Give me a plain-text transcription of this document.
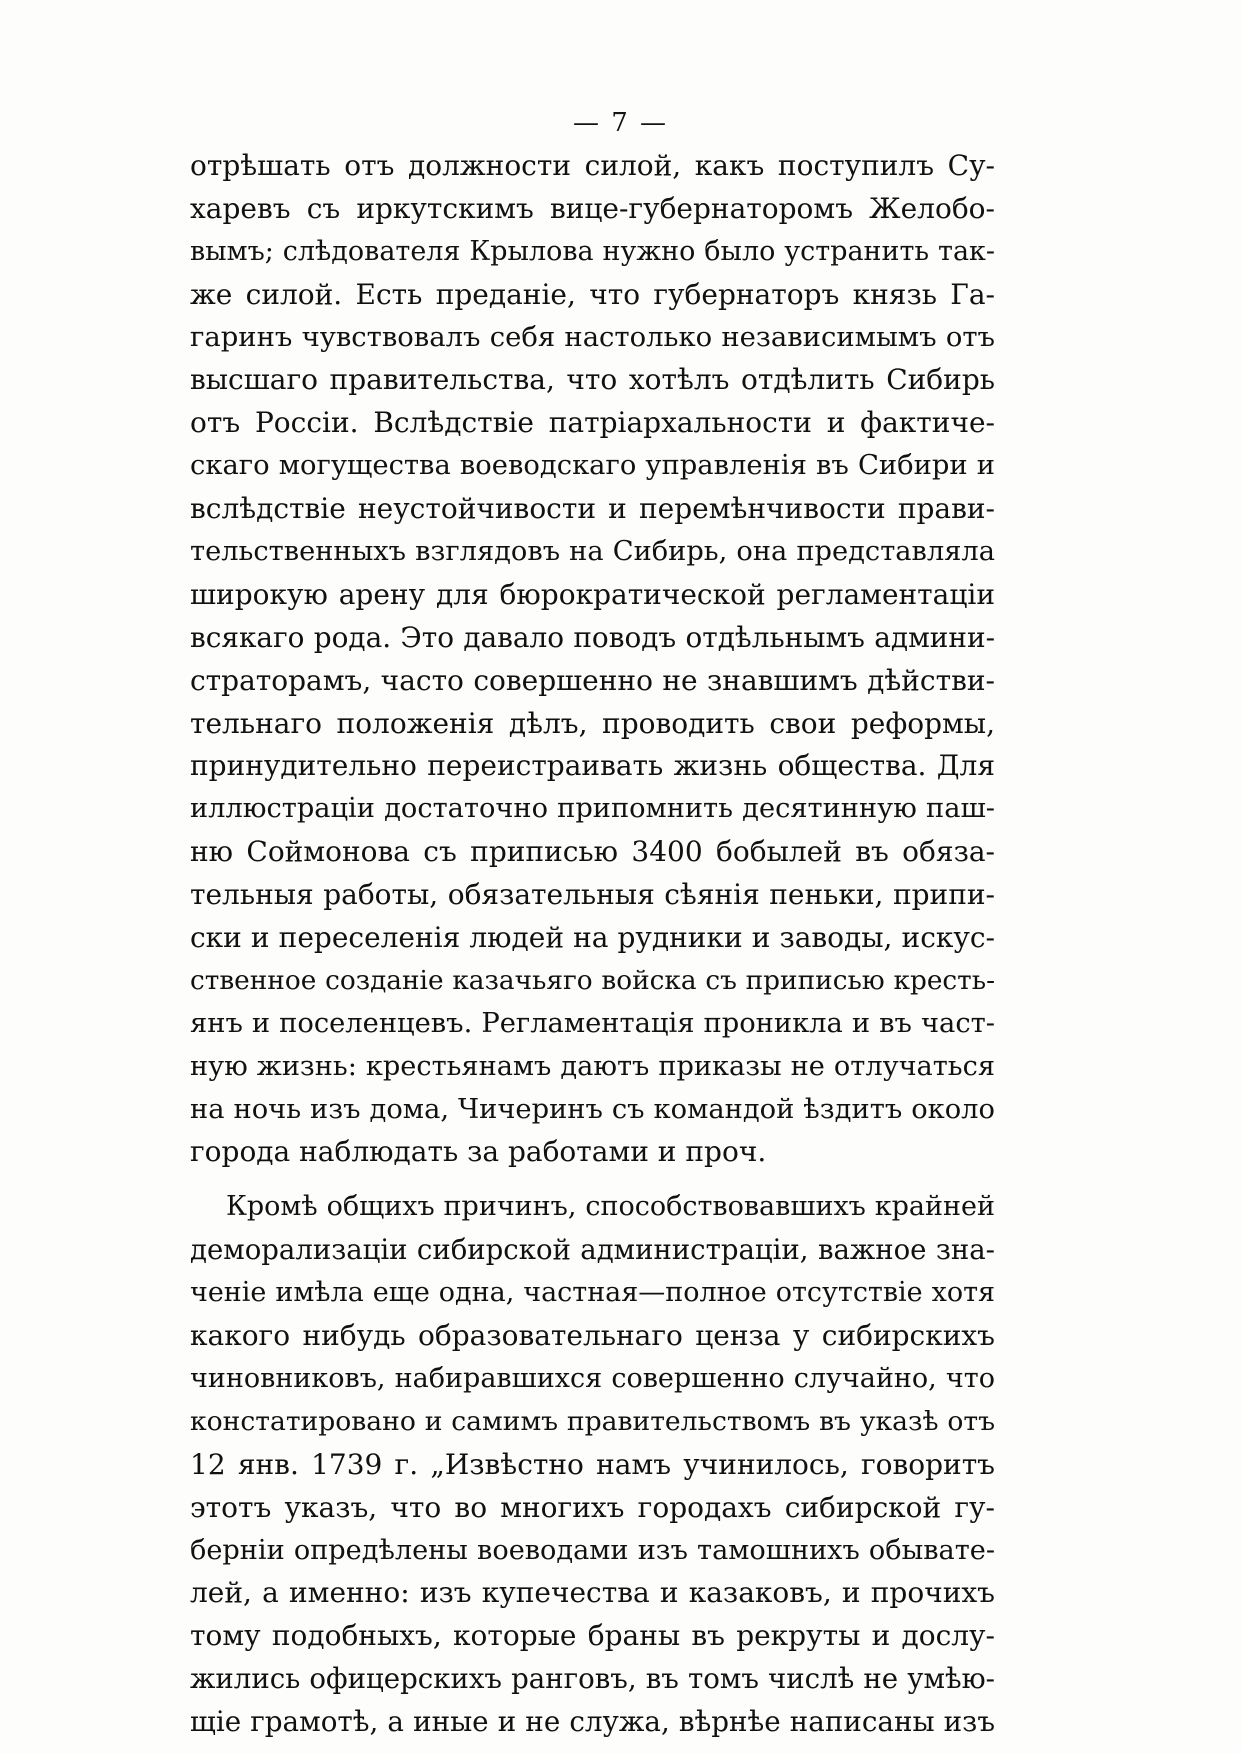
— 7 —
отрѣшать отъ должности силой, какъ поступилъ Су-
харевъ съ иркутскимъ вице-губернаторомъ Желобо-
вымъ; слѣдователя Крылова нужно было устранить так-
же силой. Есть преданіе, что губернаторъ князь Га-
гаринъ чувствовалъ себя настолько независимымъ отъ
высшаго правительства, что хотѣлъ отдѣлить Сибирь
отъ Россіи. Вслѣдствіе патріархальности и фактиче-
скаго могущества воеводскаго управленія въ Сибири и
вслѣдствіе неустойчивости и перемѣнчивости прави-
тельственныхъ взглядовъ на Сибирь, она представляла
широкую арену для бюрократической регламентаціи
всякаго рода. Это давало поводъ отдѣльнымъ админи-
страторамъ, часто совершенно не знавшимъ дѣйстви-
тельнаго положенія дѣлъ, проводить свои реформы,
принудительно переистраивать жизнь общества. Для
иллюстраціи достаточно припомнить десятинную паш-
ню Соймонова съ приписью 3400 бобылей въ обяза-
тельныя работы, обязательныя сѣянія пеньки, припи-
ски и переселенія людей на рудники и заводы, искус-
ственное созданіе казачьяго войска съ приписью кресть-
янъ и поселенцевъ. Регламентація проникла и въ част-
ную жизнь: крестьянамъ даютъ приказы не отлучаться
на ночь изъ дома, Чичеринъ съ командой ѣздитъ около
города наблюдать за работами и проч.
Кромѣ общихъ причинъ, способствовавшихъ крайней
деморализаціи сибирской администраціи, важное зна-
ченіе имѣла еще одна, частная—полное отсутствіе хотя
какого нибудь образовательнаго ценза у сибирскихъ
чиновниковъ, набиравшихся совершенно случайно, что
констатировано и самимъ правительствомъ въ указѣ отъ
12 янв. 1739 г. „Извѣстно намъ учинилось, говоритъ
этотъ указъ, что во многихъ городахъ сибирской гу-
берніи опредѣлены воеводами изъ тамошнихъ обывате-
лей, а именно: изъ купечества и казаковъ, и прочихъ
тому подобныхъ, которые браны въ рекруты и дослу-
жились офицерскихъ ранговъ, въ томъ числѣ не умѣю-
щіе грамотѣ, а иные и не служа, вѣрнѣе написаны изъ
